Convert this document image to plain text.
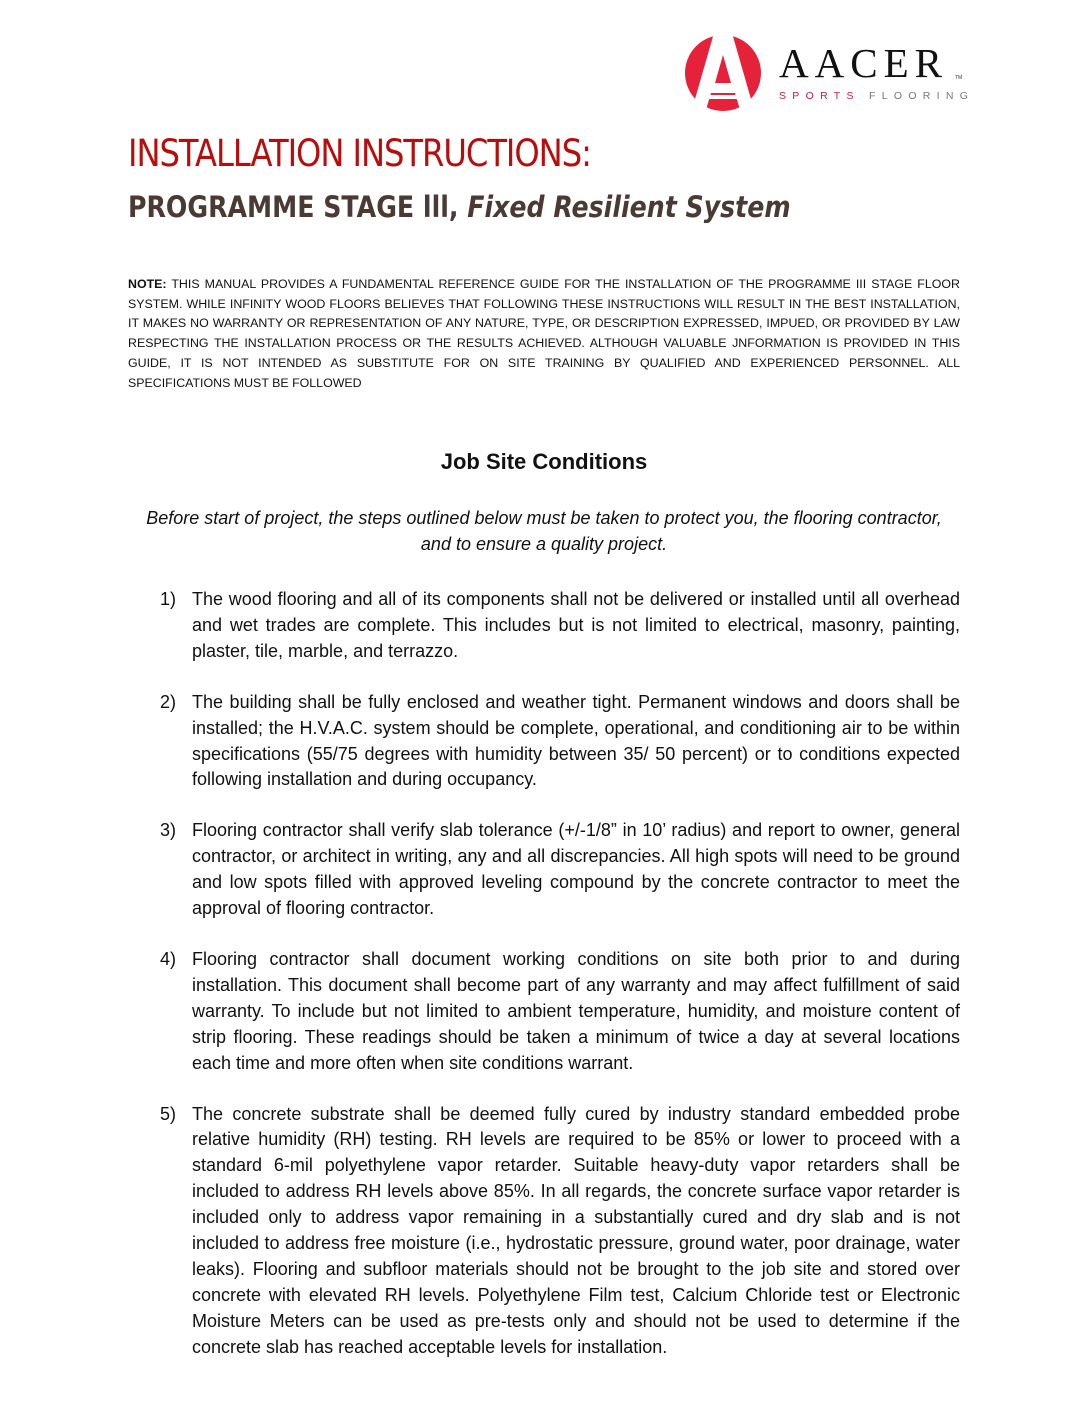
AACER TM
SPORTS FLOORING
INSTALLATION INSTRUCTIONS:
PROGRAMME STAGE lll, Fixed Resilient System

NOTE: THIS MANUAL PROVIDES A FUNDAMENTAL REFERENCE GUIDE FOR THE INSTALLATION OF THE PROGRAMME III STAGE FLOOR SYSTEM. WHILE INFINITY WOOD FLOORS BELIEVES THAT FOLLOWING THESE INSTRUCTIONS WILL RESULT IN THE BEST INSTALLATION, IT MAKES NO WARRANTY OR REPRESENTATION OF ANY NATURE, TYPE, OR DESCRIPTION EXPRESSED, IMPUED, OR PROVIDED BY LAW RESPECTING THE INSTALLATION PROCESS OR THE RESULTS ACHIEVED. ALTHOUGH VALUABLE JNFORMATION IS PROVIDED IN THIS GUIDE, IT IS NOT INTENDED AS SUBSTITUTE FOR ON SITE TRAINING BY QUALIFIED AND EXPERIENCED PERSONNEL. ALL SPECIFICATIONS MUST BE FOLLOWED

Job Site Conditions

Before start of project, the steps outlined below must be taken to protect you, the flooring contractor, and to ensure a quality project.

1) The wood flooring and all of its components shall not be delivered or installed until all overhead and wet trades are complete. This includes but is not limited to electrical, masonry, painting, plaster, tile, marble, and terrazzo.
2) The building shall be fully enclosed and weather tight. Permanent windows and doors shall be installed; the H.V.A.C. system should be complete, operational, and conditioning air to be within specifications (55/75 degrees with humidity between 35/ 50 percent) or to conditions expected following installation and during occupancy.
3) Flooring contractor shall verify slab tolerance (+/-1/8” in 10’ radius) and report to owner, general contractor, or architect in writing, any and all discrepancies. All high spots will need to be ground and low spots filled with approved leveling compound by the concrete contractor to meet the approval of flooring contractor.
4) Flooring contractor shall document working conditions on site both prior to and during installation. This document shall become part of any warranty and may affect fulfillment of said warranty. To include but not limited to ambient temperature, humidity, and moisture content of strip flooring. These readings should be taken a minimum of twice a day at several locations each time and more often when site conditions warrant.
5) The concrete substrate shall be deemed fully cured by industry standard embedded probe relative humidity (RH) testing. RH levels are required to be 85% or lower to proceed with a standard 6-mil polyethylene vapor retarder. Suitable heavy-duty vapor retarders shall be included to address RH levels above 85%. In all regards, the concrete surface vapor retarder is included only to address vapor remaining in a substantially cured and dry slab and is not included to address free moisture (i.e., hydrostatic pressure, ground water, poor drainage, water leaks). Flooring and subfloor materials should not be brought to the job site and stored over concrete with elevated RH levels. Polyethylene Film test, Calcium Chloride test or Electronic Moisture Meters can be used as pre-tests only and should not be used to determine if the concrete slab has reached acceptable levels for installation.
